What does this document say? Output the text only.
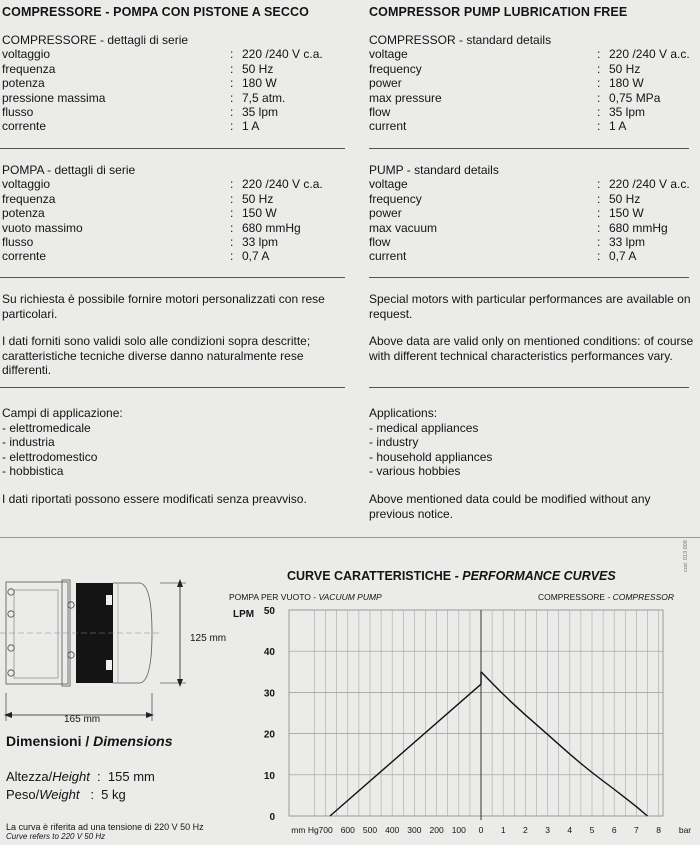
COMPRESSORE - POMPA CON PISTONE A SECCO	COMPRESSOR PUMP LUBRICATION FREE
COMPRESSORE - dettagli di serie
voltaggio	: 220 /240 V c.a.
frequenza	: 50 Hz
potenza	: 180 W
pressione massima	: 7,5 atm.
flusso	: 35 lpm
corrente	: 1 A
POMPA - dettagli di serie
voltaggio	: 220 /240 V c.a.
frequenza	: 50 Hz
potenza	: 150 W
vuoto massimo	: 680 mmHg
flusso	: 33 lpm
corrente	: 0,7 A
COMPRESSOR - standard details
voltage	: 220 /240 V a.c.
frequency	: 50 Hz
power	: 180 W
max pressure	: 0,75 MPa
flow	: 35 lpm
current	: 1 A
PUMP - standard details
voltage	: 220 /240 V a.c.
frequency	: 50 Hz
power	: 150 W
max vacuum	: 680 mmHg
flow	: 33 lpm
current	: 0,7 A
Su richiesta è possibile fornire motori personalizzati con rese particolari.
I dati forniti sono validi solo alle condizioni sopra descritte; caratteristiche tecniche diverse danno naturalmente rese differenti.
Special motors with particular performances are available on request.
Above data are valid only on mentioned conditions: of course with different technical characteristics performances vary.
Campi di applicazione:
- elettromedicale
- industria
- elettrodomestico
- hobbistica
Applications:
- medical appliances
- industry
- household appliances
- various hobbies
I dati riportati possono essere modificati senza preavviso.	Above mentioned data could be modified without any previous notice.
125 mm
165 mm
Dimensioni / Dimensions
Altezza/Height  :  155 mm
Peso/Weight   :  5 kg
La curva è riferita ad una tensione di 220 V 50 Hz
Curve refers to 220 V 50 Hz
cod. 013 008
CURVE CARATTERISTICHE - PERFORMANCE CURVES
POMPA PER VUOTO - VACUUM PUMP	COMPRESSORE - COMPRESSOR
LPM
0
10
20
30
40
50
mm Hg 700 600 500 400 300 200 100 0 1 2 3 4 5 6 7 8 bar
